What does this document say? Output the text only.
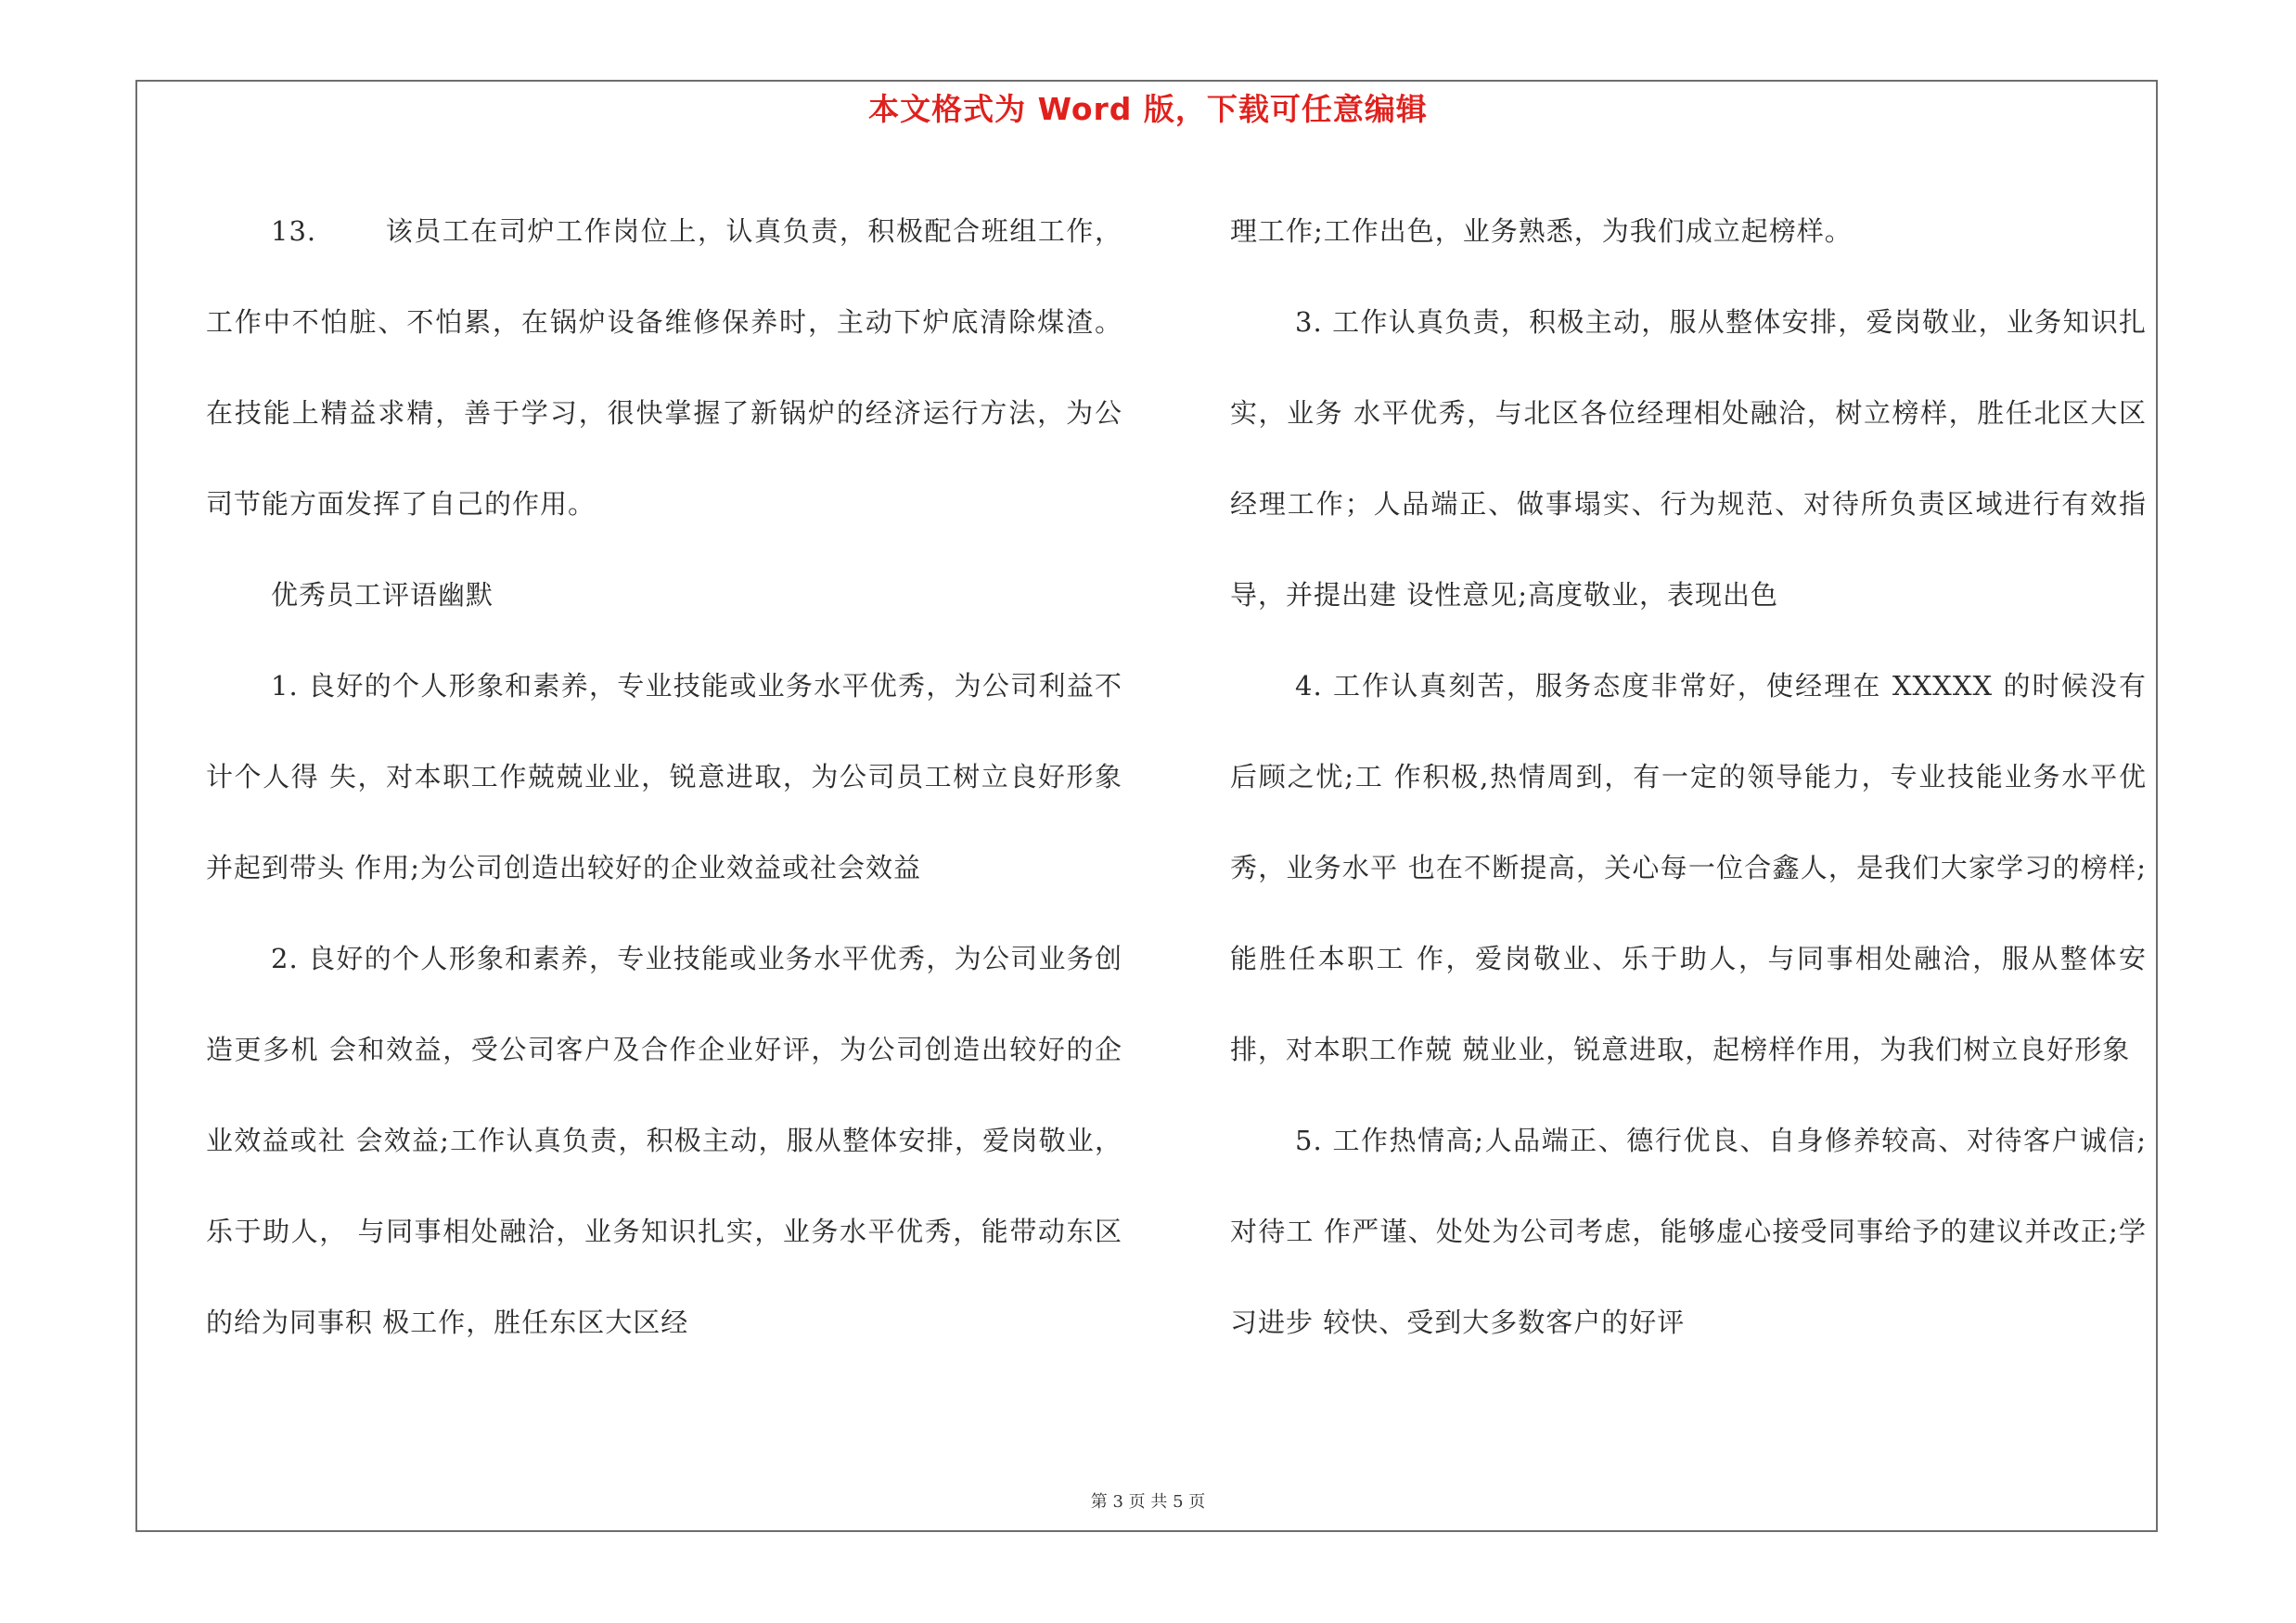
本文格式为 Word 版，下载可任意编辑

13.	该员工在司炉工作岗位上，认真负责，积极配合班组工作，工作中不怕脏、不怕累，在锅炉设备维修保养时，主动下炉底清除煤渣。在技能上精益求精，善于学习，很快掌握了新锅炉的经济运行方法，为公司节能方面发挥了自己的作用。

优秀员工评语幽默

1. 良好的个人形象和素养，专业技能或业务水平优秀，为公司利益不计个人得 失，对本职工作兢兢业业，锐意进取，为公司员工树立良好形象并起到带头 作用;为公司创造出较好的企业效益或社会效益

2. 良好的个人形象和素养，专业技能或业务水平优秀，为公司业务创造更多机 会和效益，受公司客户及合作企业好评，为公司创造出较好的企业效益或社 会效益;工作认真负责，积极主动，服从整体安排，爱岗敬业，乐于助人， 与同事相处融洽，业务知识扎实，业务水平优秀，能带动东区的给为同事积 极工作，胜任东区大区经

理工作;工作出色，业务熟悉，为我们成立起榜样。

3. 工作认真负责，积极主动，服从整体安排，爱岗敬业，业务知识扎实，业务 水平优秀，与北区各位经理相处融洽，树立榜样，胜任北区大区经理工作；人品端正、做事塌实、行为规范、对待所负责区域进行有效指导，并提出建 设性意见;高度敬业，表现出色

4. 工作认真刻苦，服务态度非常好，使经理在 XXXXX 的时候没有后顾之忧;工 作积极,热情周到，有一定的领导能力，专业技能业务水平优秀，业务水平 也在不断提高，关心每一位合鑫人，是我们大家学习的榜样;能胜任本职工 作，爱岗敬业、乐于助人，与同事相处融洽，服从整体安排，对本职工作兢 兢业业，锐意进取，起榜样作用，为我们树立良好形象

5. 工作热情高;人品端正、德行优良、自身修养较高、对待客户诚信;对待工 作严谨、处处为公司考虑，能够虚心接受同事给予的建议并改正;学习进步 较快、受到大多数客户的好评

第 3 页 共 5 页
